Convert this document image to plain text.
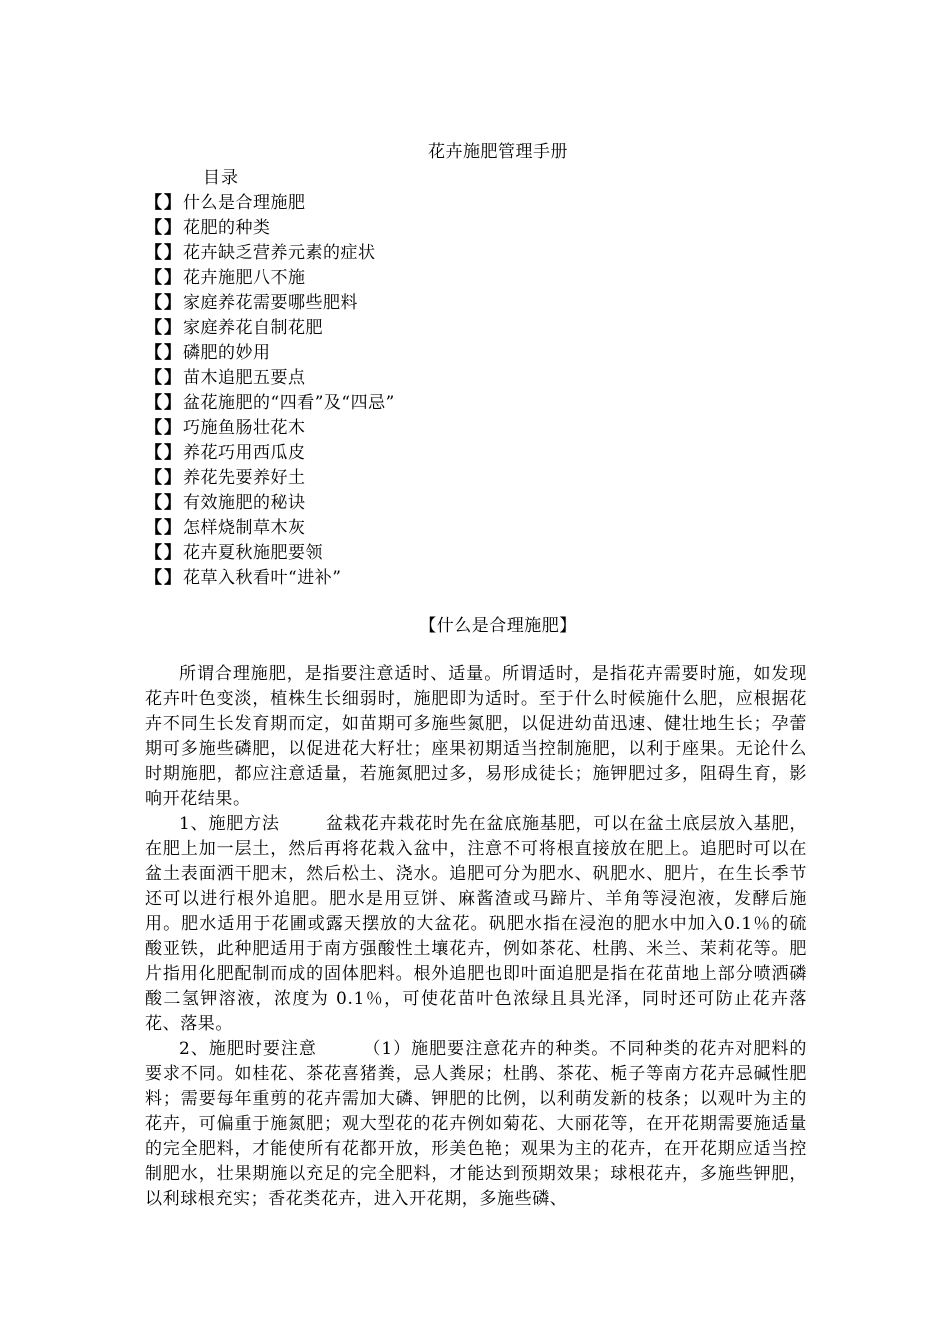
花卉施肥管理手册
目录
【】什么是合理施肥
【】花肥的种类
【】花卉缺乏营养元素的症状
【】花卉施肥八不施
【】家庭养花需要哪些肥料
【】家庭养花自制花肥
【】磷肥的妙用
【】苗木追肥五要点
【】盆花施肥的“四看”及“四忌”
【】巧施鱼肠壮花木
【】养花巧用西瓜皮
【】养花先要养好土
【】有效施肥的秘诀
【】怎样烧制草木灰
【】花卉夏秋施肥要领
【】花草入秋看叶“进补”
【什么是合理施肥】

所谓合理施肥，是指要注意适时、适量。所谓适时，是指花卉需要时施，如发现花卉叶色变淡，植株生长细弱时，施肥即为适时。至于什么时候施什么肥，应根据花卉不同生长发育期而定，如苗期可多施些氮肥，以促进幼苗迅速、健壮地生长；孕蕾期可多施些磷肥，以促进花大籽壮；座果初期适当控制施肥，以利于座果。无论什么时期施肥，都应注意适量，若施氮肥过多，易形成徒长；施钾肥过多，阻碍生育，影响开花结果。

1、施肥方法	盆栽花卉栽花时先在盆底施基肥，可以在盆土底层放入基肥，在肥上加一层土，然后再将花栽入盆中，注意不可将根直接放在肥上。追肥时可以在盆土表面洒干肥末，然后松土、浇水。追肥可分为肥水、矾肥水、肥片，在生长季节还可以进行根外追肥。肥水是用豆饼、麻酱渣或马蹄片、羊角等浸泡液，发酵后施用。肥水适用于花圃或露天摆放的大盆花。矾肥水指在浸泡的肥水中加入0.1％的硫酸亚铁，此种肥适用于南方强酸性土壤花卉，例如茶花、杜鹃、米兰、茉莉花等。肥片指用化肥配制而成的固体肥料。根外追肥也即叶面追肥是指在花苗地上部分喷洒磷酸二氢钾溶液，浓度为 0.1％，可使花苗叶色浓绿且具光泽，同时还可防止花卉落花、落果。

2、施肥时要注意	（1）施肥要注意花卉的种类。不同种类的花卉对肥料的要求不同。如桂花、茶花喜猪粪，忌人粪尿；杜鹃、茶花、栀子等南方花卉忌碱性肥料；需要每年重剪的花卉需加大磷、钾肥的比例，以利萌发新的枝条；以观叶为主的花卉，可偏重于施氮肥；观大型花的花卉例如菊花、大丽花等，在开花期需要施适量的完全肥料，才能使所有花都开放，形美色艳；观果为主的花卉，在开花期应适当控制肥水，壮果期施以充足的完全肥料，才能达到预期效果；球根花卉，多施些钾肥，以利球根充实；香花类花卉，进入开花期，多施些磷、
